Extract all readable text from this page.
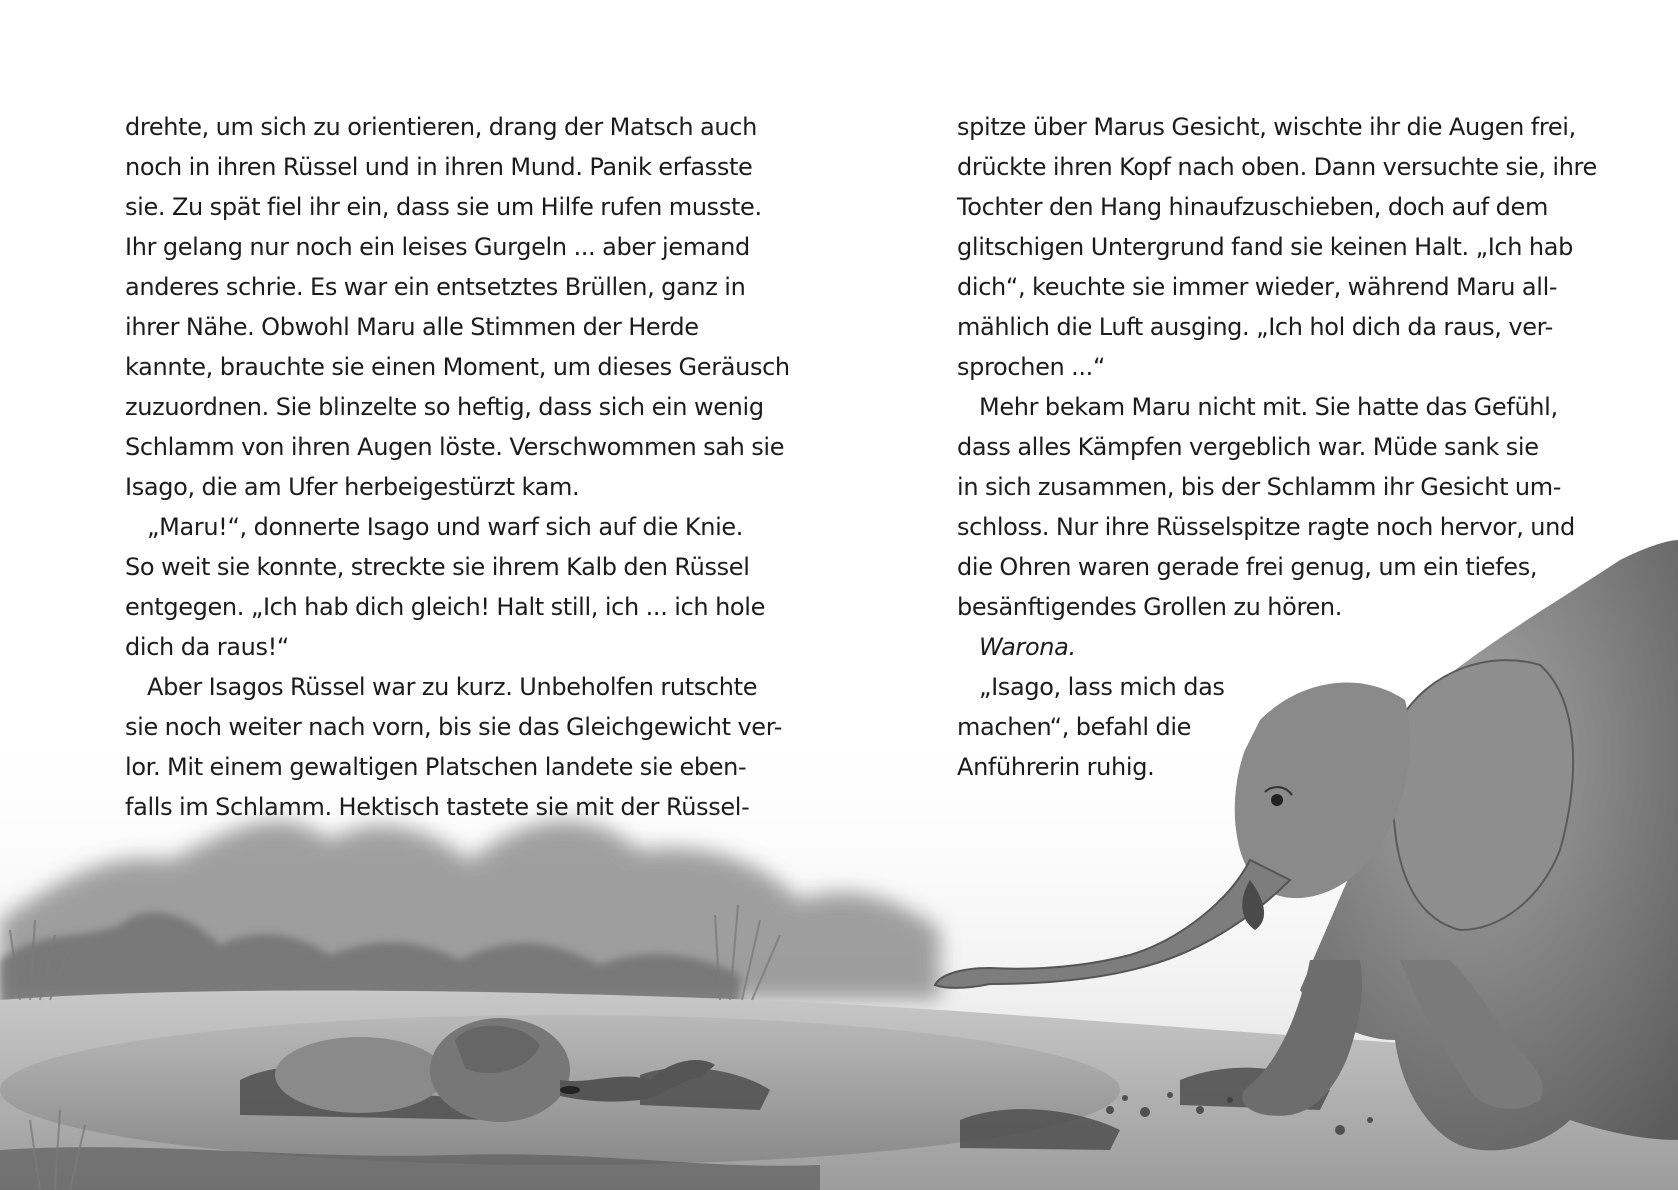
drehte, um sich zu orientieren, drang der Matsch auch
noch in ihren Rüssel und in ihren Mund. Panik erfasste
sie. Zu spät fiel ihr ein, dass sie um Hilfe rufen musste.
Ihr gelang nur noch ein leises Gurgeln ... aber jemand
anderes schrie. Es war ein entsetztes Brüllen, ganz in
ihrer Nähe. Obwohl Maru alle Stimmen der Herde
kannte, brauchte sie einen Moment, um dieses Geräusch
zuzuordnen. Sie blinzelte so heftig, dass sich ein wenig
Schlamm von ihren Augen löste. Verschwommen sah sie
Isago, die am Ufer herbeigestürzt kam.
„Maru!“, donnerte Isago und warf sich auf die Knie.
So weit sie konnte, streckte sie ihrem Kalb den Rüssel
entgegen. „Ich hab dich gleich! Halt still, ich ... ich hole
dich da raus!“
Aber Isagos Rüssel war zu kurz. Unbeholfen rutschte
sie noch weiter nach vorn, bis sie das Gleichgewicht ver-
lor. Mit einem gewaltigen Platschen landete sie eben-
falls im Schlamm. Hektisch tastete sie mit der Rüssel-
spitze über Marus Gesicht, wischte ihr die Augen frei,
drückte ihren Kopf nach oben. Dann versuchte sie, ihre
Tochter den Hang hinaufzuschieben, doch auf dem
glitschigen Untergrund fand sie keinen Halt. „Ich hab
dich“, keuchte sie immer wieder, während Maru all-
mählich die Luft ausging. „Ich hol dich da raus, ver-
sprochen ...“
Mehr bekam Maru nicht mit. Sie hatte das Gefühl,
dass alles Kämpfen vergeblich war. Müde sank sie
in sich zusammen, bis der Schlamm ihr Gesicht um-
schloss. Nur ihre Rüsselspitze ragte noch hervor, und
die Ohren waren gerade frei genug, um ein tiefes,
besänftigendes Grollen zu hören.
Warona.
„Isago, lass mich das
machen“, befahl die
Anführerin ruhig.
